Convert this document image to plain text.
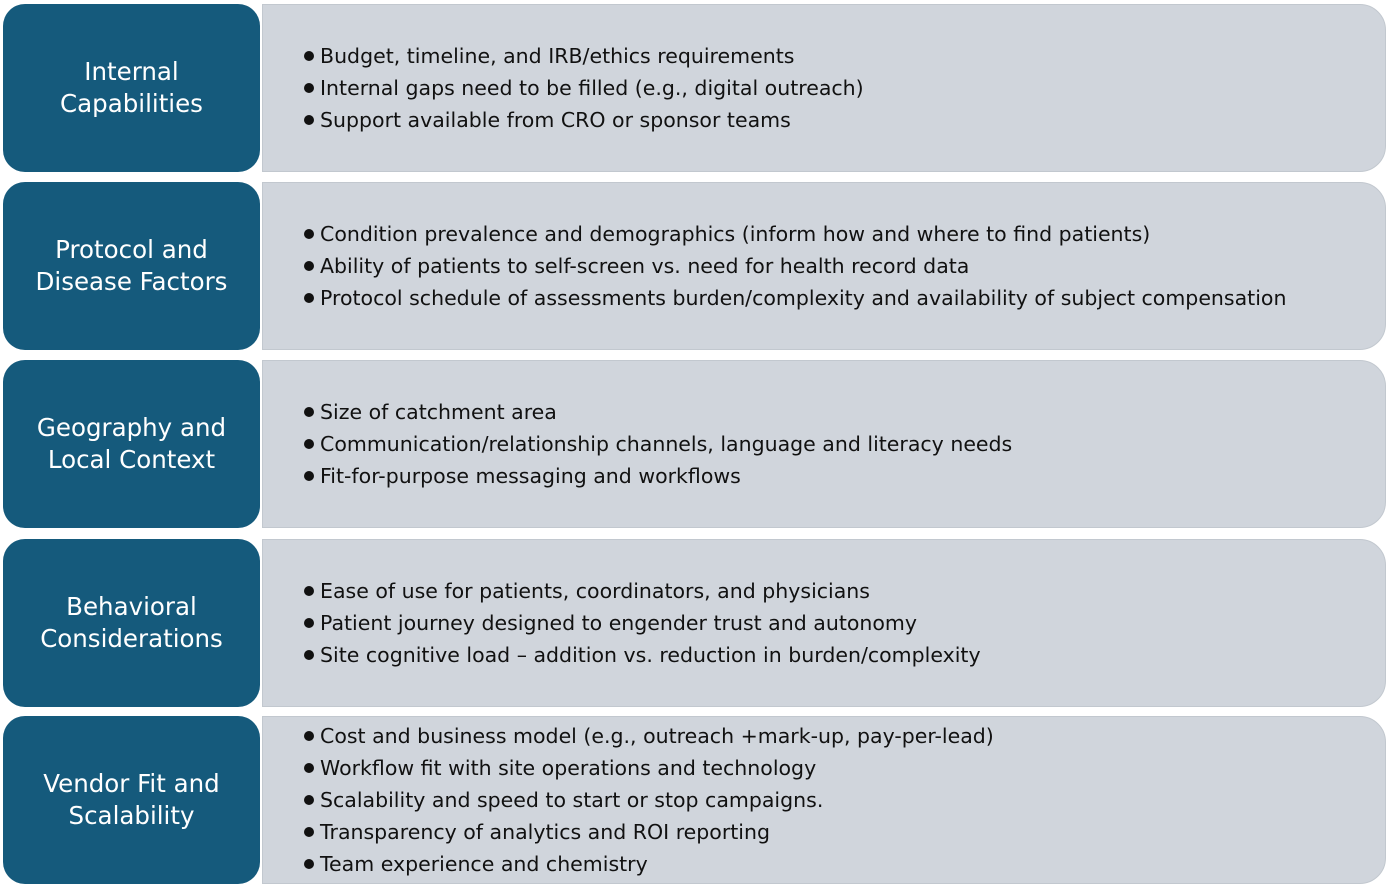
Internal
Capabilities
Budget, timeline, and IRB/ethics requirements
Internal gaps need to be filled (e.g., digital outreach)
Support available from CRO or sponsor teams
Protocol and
Disease Factors
Condition prevalence and demographics (inform how and where to find patients)
Ability of patients to self-screen vs. need for health record data
Protocol schedule of assessments burden/complexity and availability of subject compensation
Geography and
Local Context
Size of catchment area
Communication/relationship channels, language and literacy needs
Fit-for-purpose messaging and workflows
Behavioral
Considerations
Ease of use for patients, coordinators, and physicians
Patient journey designed to engender trust and autonomy
Site cognitive load – addition vs. reduction in burden/complexity
Vendor Fit and
Scalability
Cost and business model (e.g., outreach +mark-up, pay-per-lead)
Workflow fit with site operations and technology
Scalability and speed to start or stop campaigns.
Transparency of analytics and ROI reporting
Team experience and chemistry
